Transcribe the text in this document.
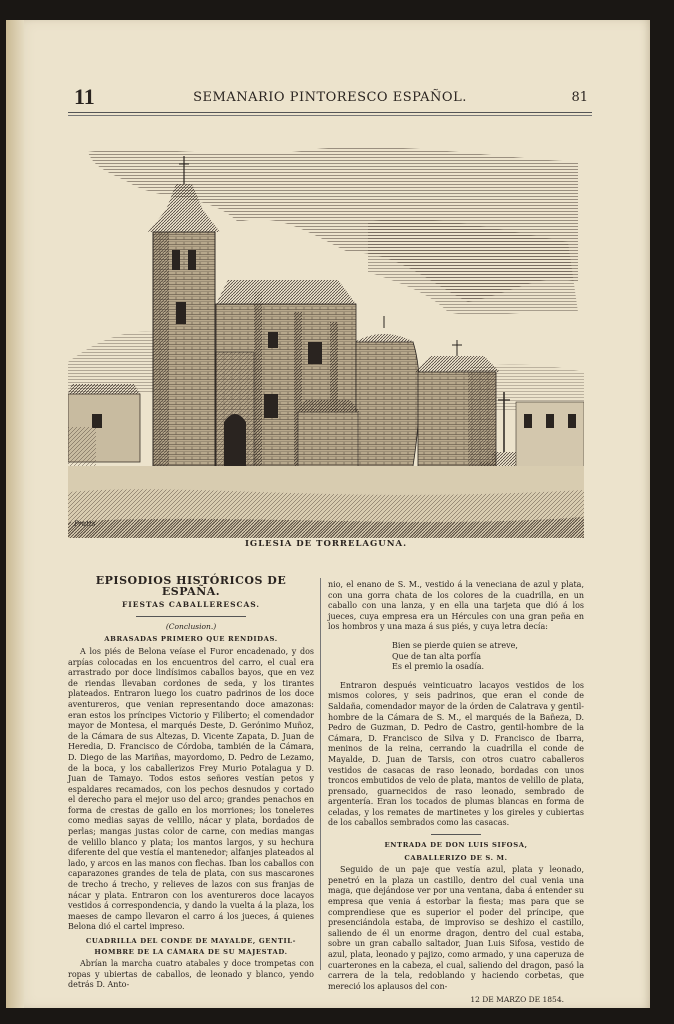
11	SEMANARIO PINTORESCO ESPAÑOL.	81
Pratts
IGLESIA DE TORRELAGUNA.

EPISODIOS HISTÓRICOS DE ESPAÑA.

FIESTAS CABALLERESCAS.

(Conclusion.)

ABRASADAS PRIMERO QUE RENDIDAS.

A los piés de Belona veíase el Furor encadenado, y dos arpías colocadas en los encuentros del carro, el cual era arrastrado por doce lindísimos caballos bayos, que en vez de riendas llevaban cordones de seda, y los tirantes plateados. Entraron luego los cuatro padrinos de los doce aventureros, que venian representando doce amazonas: eran estos los príncipes Victorio y Filiberto; el comendador mayor de Montesa, el marqués Deste, D. Gerónimo Muñoz, de la Cámara de sus Altezas, D. Vicente Zapata, D. Juan de Heredia, D. Francisco de Córdoba, también de la Cámara, D. Diego de las Mariñas, mayordomo, D. Pedro de Lezamo, de la boca, y los caballerizos Frey Murio Potalagua y D. Juan de Tamayo. Todos estos señores vestían petos y espaldares recamados, con los pechos desnudos y cortado el derecho para el mejor uso del arco; grandes penachos en forma de crestas de gallo en los morriones; los tonelетes como medias sayas de velillo, nácar y plata, bordados de perlas; mangas justas color de carne, con medias mangas de velillo blanco y plata; los mantos largos, y su hechura diferente del que vestía el mantenedor; alfanjes plateados al lado, y arcos en las manos con flechas. Iban los caballos con caparazones grandes de tela de plata, con sus mascarones de trecho á trecho, y relieves de lazos con sus franjas de nácar y plata. Entraron con los aventureros doce lacayos vestidos á correspondencia, y dando la vuelta á la plaza, los maeses de campo llevaron el carro á los jueces, á quienes Belona dió el cartel impreso.

CUADRILLA DEL CONDE DE MAYALDE, GENTIL-HOMBRE DE LA CÁMARA DE SU MAJESTAD.

Abrían la marcha cuatro atabales y doce trompetas con ropas y ubiertas de caballos, de leonado y blanco, yendo detrás D. Anto-

nio, el enano de S. M., vestido á la veneciana de azul y plata, con una gorra chata de los colores de la cuadrilla, en un caballo con una lanza, y en ella una tarjeta que dió á los jueces, cuya empresa era un Hércules con una gran peña en los hombros y una maza á sus piés, y cuya letra decía:

Bien se pierde quien se atreve,

Que de tan alta porfía

Es el premio la osadía.

Entraron después veinticuatro lacayos vestidos de los mismos colores, y seis padrinos, que eran el conde de Saldaña, comendador mayor de la órden de Calatrava y gentil-hombre de la Cámara de S. M., el marqués de la Bañeza, D. Pedro de Guzman, D. Pedro de Castro, gentil-hombre de la Cámara, D. Francisco de Silva y D. Francisco de Ibarra, meninos de la reina, cerrando la cuadrilla el conde de Mayalde, D. Juan de Tarsis, con otros cuatro caballeros vestidos de casacas de raso leonado, bordadas con unos troncos embutidos de velo de plata, mantos de velillo de plata, prensado, guarnecidos de raso leonado, sembrado de argentería. Eran los tocados de plumas blancas en forma de celadas, y los remates de martinetes y los gireles y cubiertas de los caballos sembrados como las casacas.

ENTRADA DE DON LUIS SIFOSA,

CABALLERIZO DE S. M.

Seguido de un paje que vestía azul, plata y leonado, penetró en la plaza un castillo, dentro del cual venia una maga, que dejándose ver por una ventana, daba á entender su empresa que venia á estorbar la fiesta; mas para que se comprendiese que es superior el poder del príncipe, que presenciándola estaba, de improviso se deshizo el castillo, saliendo de él un enorme dragon, dentro del cual estaba, sobre un gran caballo saltador, Juan Luis Sifosa, vestido de azul, plata, leonado y pajizo, como armado, y una caperuza de cuarterones en la cabeza, el cual, saliendo del dragon, pasó la carrera de la tela, redoblando y haciendo corbetas, que mereció los aplausos del con-

12 DE MARZO DE 1854.
